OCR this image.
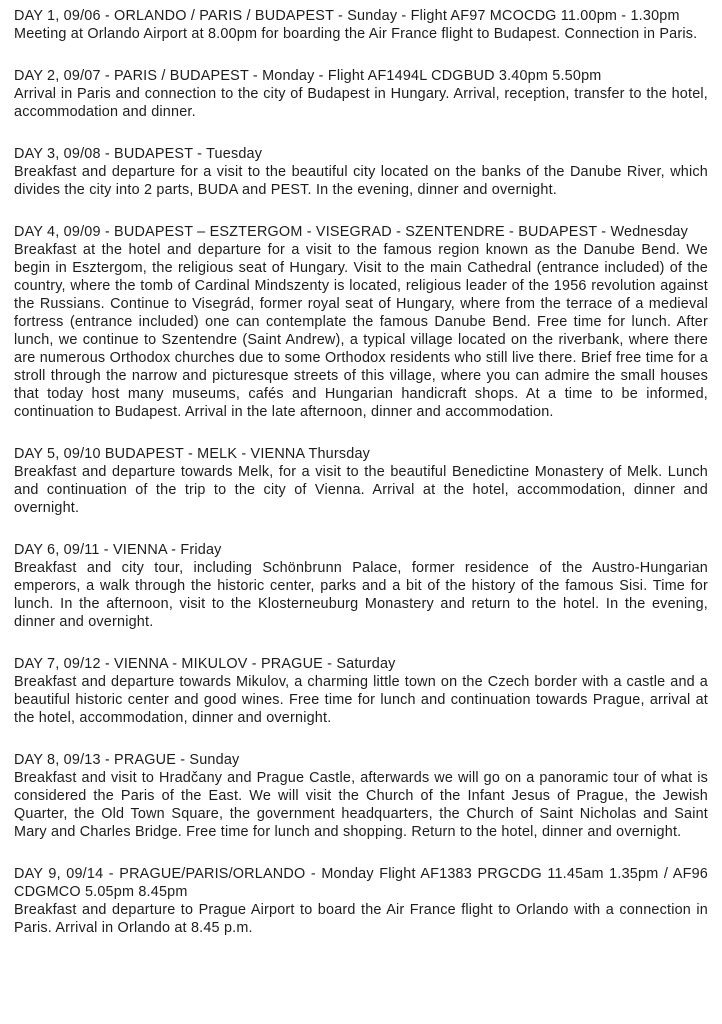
DAY 1, 09/06 - ORLANDO / PARIS / BUDAPEST - Sunday - Flight AF97 MCOCDG 11.00pm - 1.30pm

Meeting at Orlando Airport at 8.00pm for boarding the Air France flight to Budapest. Connection in Paris.

DAY 2, 09/07 - PARIS / BUDAPEST - Monday - Flight AF1494L CDGBUD 3.40pm 5.50pm

Arrival in Paris and connection to the city of Budapest in Hungary. Arrival, reception, transfer to the hotel, accommodation and dinner.

DAY 3, 09/08 - BUDAPEST - Tuesday

Breakfast and departure for a visit to the beautiful city located on the banks of the Danube River, which divides the city into 2 parts, BUDA and PEST. In the evening, dinner and overnight.

DAY 4, 09/09 - BUDAPEST – ESZTERGOM - VISEGRAD - SZENTENDRE - BUDAPEST - Wednesday

Breakfast at the hotel and departure for a visit to the famous region known as the Danube Bend. We begin in Esztergom, the religious seat of Hungary. Visit to the main Cathedral (entrance included) of the country, where the tomb of Cardinal Mindszenty is located, religious leader of the 1956 revolution against the Russians. Continue to Visegrád, former royal seat of Hungary, where from the terrace of a medieval fortress (entrance included) one can contemplate the famous Danube Bend. Free time for lunch. After lunch, we continue to Szentendre (Saint Andrew), a typical village located on the riverbank, where there are numerous Orthodox churches due to some Orthodox residents who still live there. Brief free time for a stroll through the narrow and picturesque streets of this village, where you can admire the small houses that today host many museums, cafés and Hungarian handicraft shops. At a time to be informed, continuation to Budapest. Arrival in the late afternoon, dinner and accommodation.

DAY 5, 09/10 BUDAPEST - MELK - VIENNA Thursday

Breakfast and departure towards Melk, for a visit to the beautiful Benedictine Monastery of Melk. Lunch and continuation of the trip to the city of Vienna. Arrival at the hotel, accommodation, dinner and overnight.

DAY 6, 09/11 - VIENNA - Friday

Breakfast and city tour, including Schönbrunn Palace, former residence of the Austro-Hungarian emperors, a walk through the historic center, parks and a bit of the history of the famous Sisi. Time for lunch. In the afternoon, visit to the Klosterneuburg Monastery and return to the hotel. In the evening, dinner and overnight.

DAY 7, 09/12 - VIENNA - MIKULOV - PRAGUE - Saturday

Breakfast and departure towards Mikulov, a charming little town on the Czech border with a castle and a beautiful historic center and good wines. Free time for lunch and continuation towards Prague, arrival at the hotel, accommodation, dinner and overnight.

DAY 8, 09/13 - PRAGUE - Sunday

Breakfast and visit to Hradčany and Prague Castle, afterwards we will go on a panoramic tour of what is considered the Paris of the East. We will visit the Church of the Infant Jesus of Prague, the Jewish Quarter, the Old Town Square, the government headquarters, the Church of Saint Nicholas and Saint Mary and Charles Bridge. Free time for lunch and shopping. Return to the hotel, dinner and overnight.

DAY 9, 09/14 - PRAGUE/PARIS/ORLANDO - Monday Flight AF1383 PRGCDG 11.45am 1.35pm / AF96 CDGMCO 5.05pm 8.45pm

Breakfast and departure to Prague Airport to board the Air France flight to Orlando with a connection in Paris. Arrival in Orlando at 8.45 p.m.
